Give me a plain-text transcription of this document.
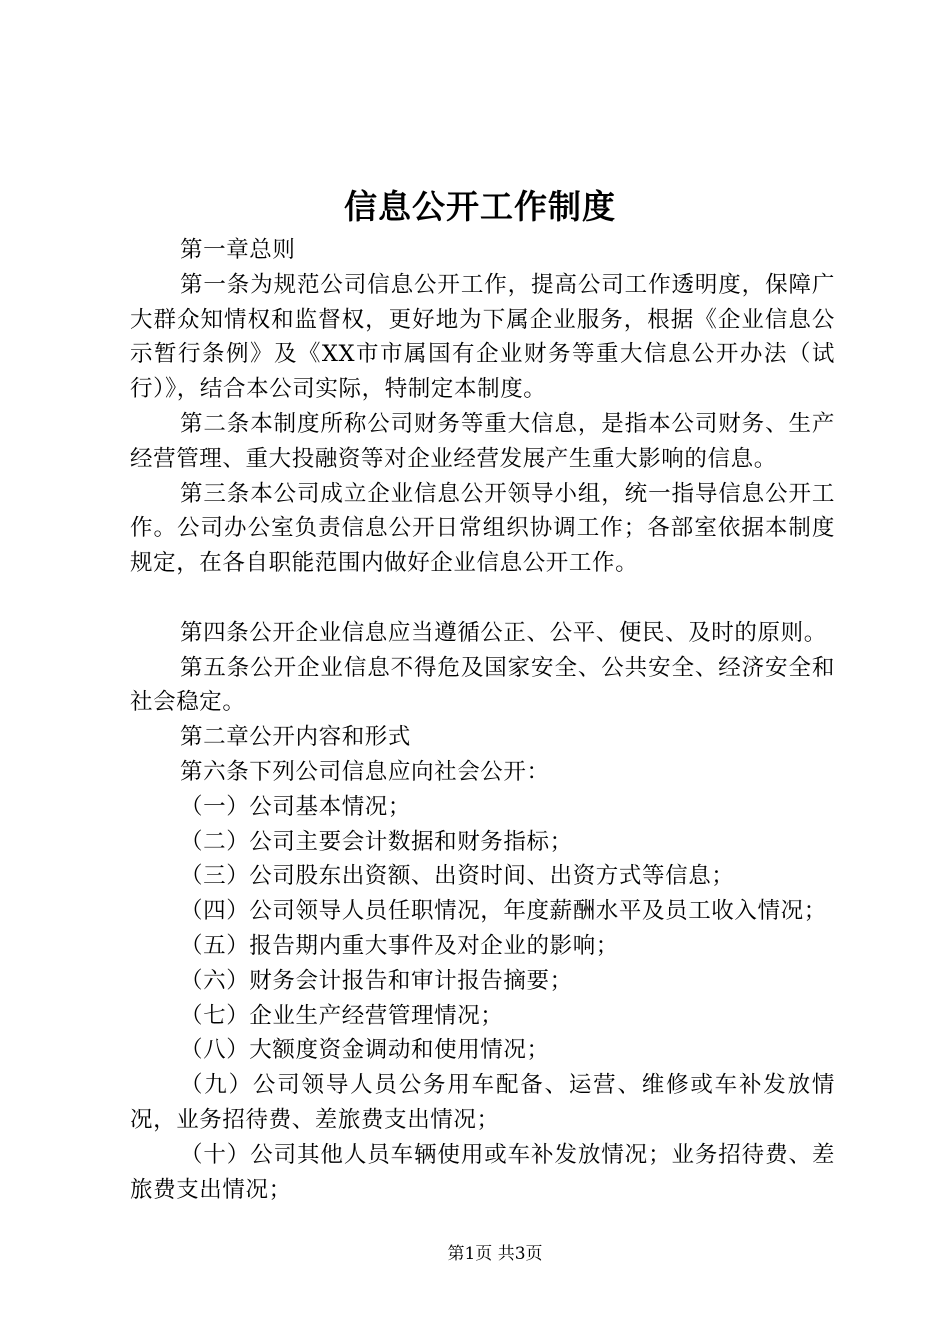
信息公开工作制度

第一章总则

第一条为规范公司信息公开工作，提高公司工作透明度，保障广大群众知情权和监督权，更好地为下属企业服务，根据《企业信息公示暂行条例》及《XX市市属国有企业财务等重大信息公开办法（试行）》，结合本公司实际，特制定本制度。

第二条本制度所称公司财务等重大信息，是指本公司财务、生产经营管理、重大投融资等对企业经营发展产生重大影响的信息。

第三条本公司成立企业信息公开领导小组，统一指导信息公开工作。公司办公室负责信息公开日常组织协调工作；各部室依据本制度规定，在各自职能范围内做好企业信息公开工作。

第四条公开企业信息应当遵循公正、公平、便民、及时的原则。

第五条公开企业信息不得危及国家安全、公共安全、经济安全和社会稳定。

第二章公开内容和形式

第六条下列公司信息应向社会公开：

（一）公司基本情况；

（二）公司主要会计数据和财务指标；

（三）公司股东出资额、出资时间、出资方式等信息；

（四）公司领导人员任职情况，年度薪酬水平及员工收入情况；

（五）报告期内重大事件及对企业的影响；

（六）财务会计报告和审计报告摘要；

（七）企业生产经营管理情况；

（八）大额度资金调动和使用情况；

（九）公司领导人员公务用车配备、运营、维修或车补发放情况，业务招待费、差旅费支出情况；

（十）公司其他人员车辆使用或车补发放情况；业务招待费、差旅费支出情况；

第1页 共3页
